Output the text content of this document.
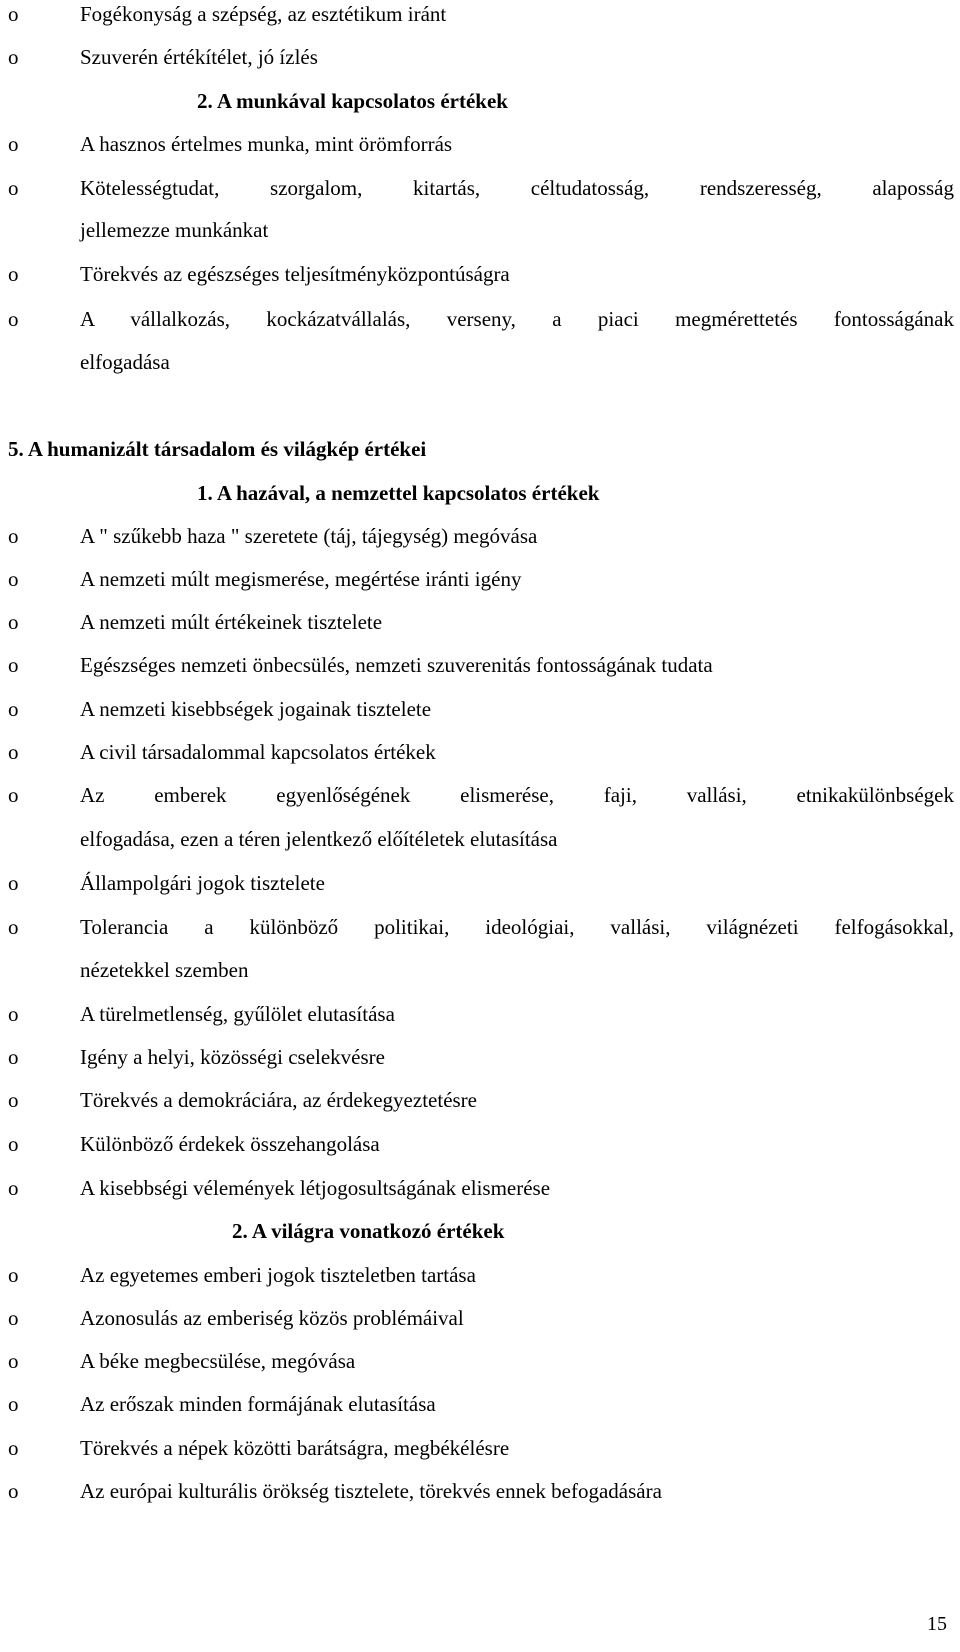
o	Fogékonyság a szépség, az esztétikum iránt
o	Szuverén értékítélet, jó ízlés
2. A munkával kapcsolatos értékek
o	A hasznos értelmes munka, mint örömforrás
o	Kötelességtudat, szorgalom, kitartás, céltudatosság, rendszeresség, alaposság
jellemezze munkánkat
o	Törekvés az egészséges teljesítményközpontúságra
o	A vállalkozás, kockázatvállalás, verseny, a piaci megmérettetés fontosságának
elfogadása
5. A humanizált társadalom és világkép értékei
1. A hazával, a nemzettel kapcsolatos értékek
o	A " szűkebb haza " szeretete (táj, tájegység) megóvása
o	A nemzeti múlt megismerése, megértése iránti igény
o	A nemzeti múlt értékeinek tisztelete
o	Egészséges nemzeti önbecsülés, nemzeti szuverenitás fontosságának tudata
o	A nemzeti kisebbségek jogainak tisztelete
o	A civil társadalommal kapcsolatos értékek
o	Az emberek egyenlőségének elismerése, faji, vallási, etnikakülönbségek
elfogadása, ezen a téren jelentkező előítéletek elutasítása
o	Állampolgári jogok tisztelete
o	Tolerancia a különböző politikai, ideológiai, vallási, világnézeti felfogásokkal,
nézetekkel szemben
o	A türelmetlenség, gyűlölet elutasítása
o	Igény a helyi, közösségi cselekvésre
o	Törekvés a demokráciára, az érdekegyeztetésre
o	Különböző érdekek összehangolása
o	A kisebbségi vélemények létjogosultságának elismerése
2. A világra vonatkozó értékek
o	Az egyetemes emberi jogok tiszteletben tartása
o	Azonosulás az emberiség közös problémáival
o	A béke megbecsülése, megóvása
o	Az erőszak minden formájának elutasítása
o	Törekvés a népek közötti barátságra, megbékélésre
o	Az európai kulturális örökség tisztelete, törekvés ennek befogadására
15
